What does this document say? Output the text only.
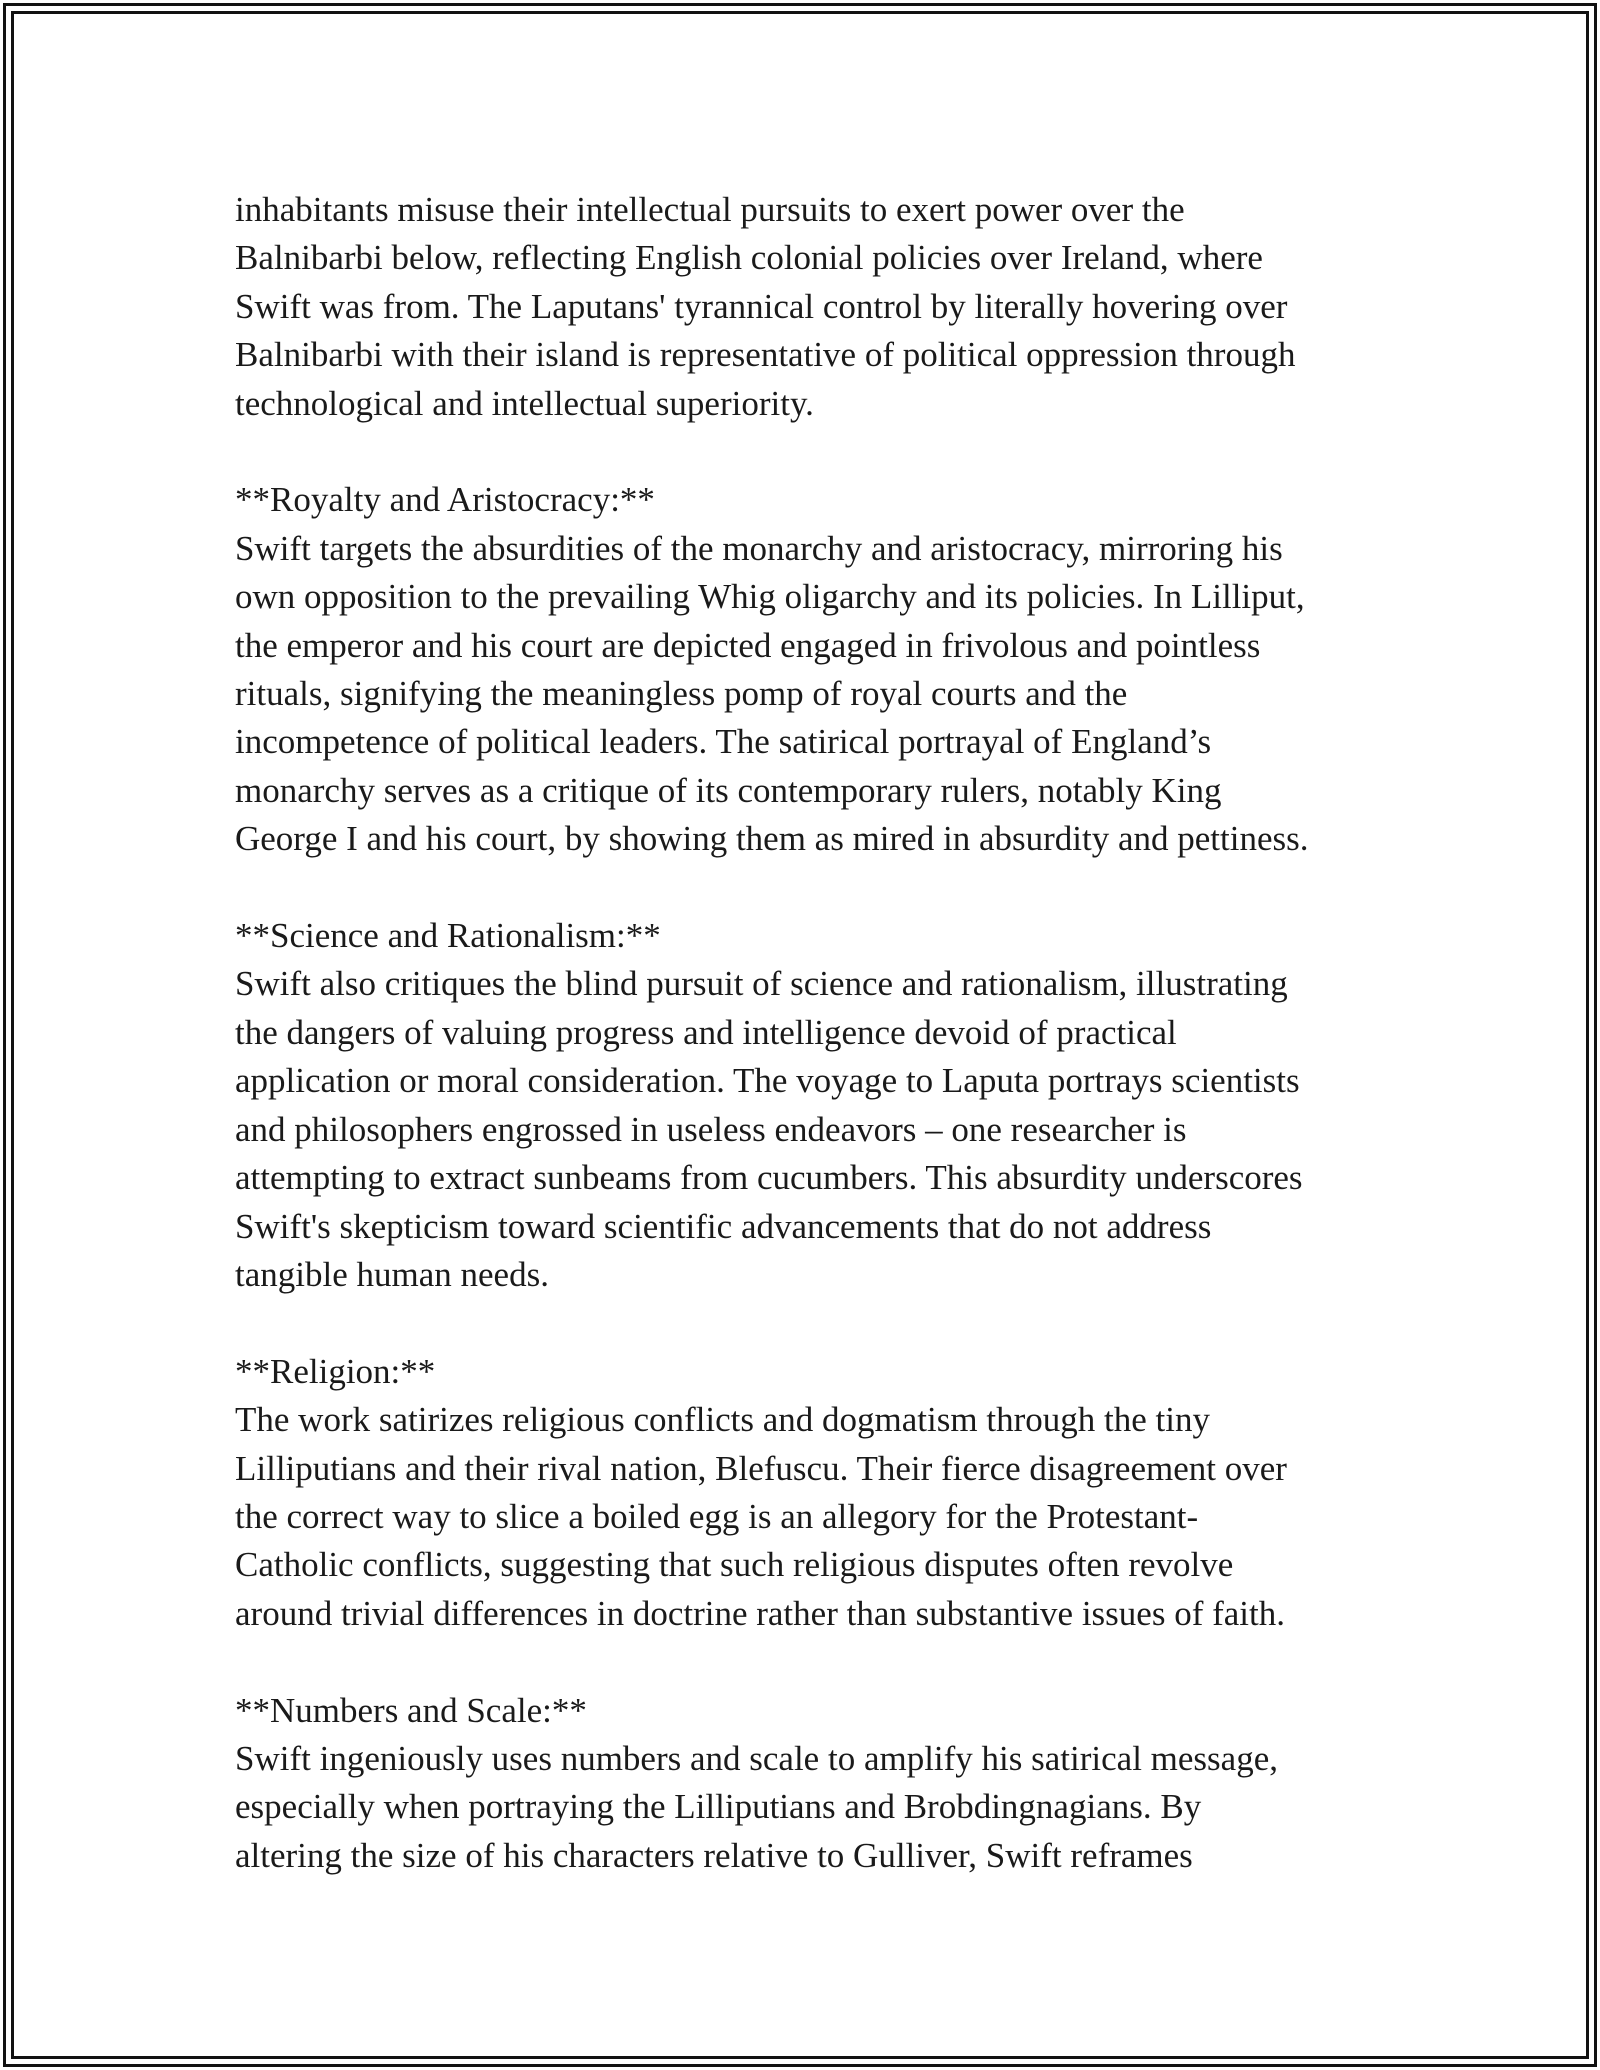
inhabitants misuse their intellectual pursuits to exert power over the
Balnibarbi below, reflecting English colonial policies over Ireland, where
Swift was from. The Laputans' tyrannical control by literally hovering over
Balnibarbi with their island is representative of political oppression through
technological and intellectual superiority.
**Royalty and Aristocracy:**
Swift targets the absurdities of the monarchy and aristocracy, mirroring his
own opposition to the prevailing Whig oligarchy and its policies. In Lilliput,
the emperor and his court are depicted engaged in frivolous and pointless
rituals, signifying the meaningless pomp of royal courts and the
incompetence of political leaders. The satirical portrayal of England’s
monarchy serves as a critique of its contemporary rulers, notably King
George I and his court, by showing them as mired in absurdity and pettiness.
**Science and Rationalism:**
Swift also critiques the blind pursuit of science and rationalism, illustrating
the dangers of valuing progress and intelligence devoid of practical
application or moral consideration. The voyage to Laputa portrays scientists
and philosophers engrossed in useless endeavors – one researcher is
attempting to extract sunbeams from cucumbers. This absurdity underscores
Swift's skepticism toward scientific advancements that do not address
tangible human needs.
**Religion:**
The work satirizes religious conflicts and dogmatism through the tiny
Lilliputians and their rival nation, Blefuscu. Their fierce disagreement over
the correct way to slice a boiled egg is an allegory for the Protestant-
Catholic conflicts, suggesting that such religious disputes often revolve
around trivial differences in doctrine rather than substantive issues of faith.
**Numbers and Scale:**
Swift ingeniously uses numbers and scale to amplify his satirical message,
especially when portraying the Lilliputians and Brobdingnagians. By
altering the size of his characters relative to Gulliver, Swift reframes
